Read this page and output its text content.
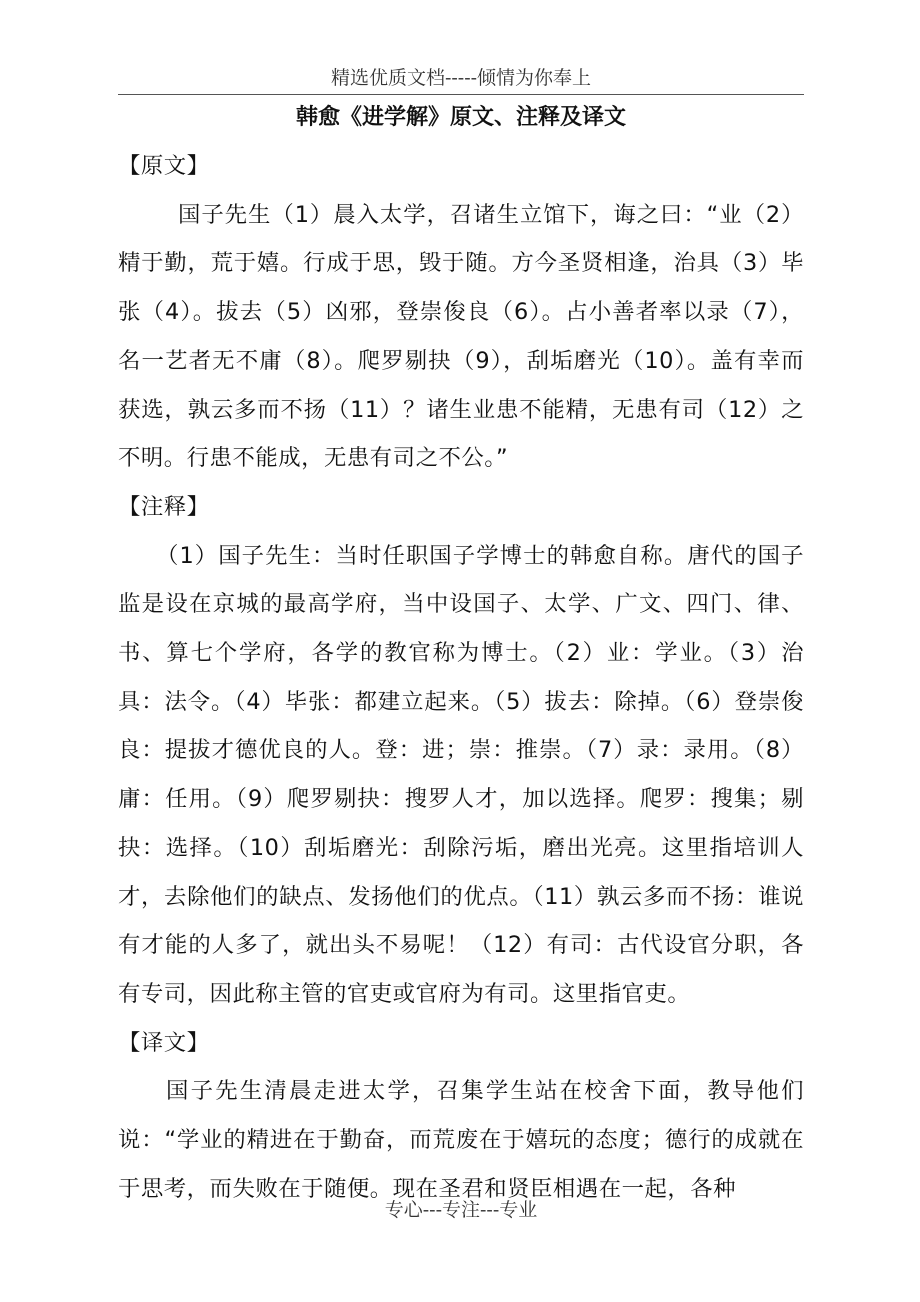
精选优质文档-----倾情为你奉上
韩愈《进学解》原文、注释及译文
【原文】

国子先生（1）晨入太学，召诸生立馆下，诲之曰：“业（2）精于勤，荒于嬉。行成于思，毁于随。方今圣贤相逢，治具（3）毕张（4）。拔去（5）凶邪，登崇俊良（6）。占小善者率以录（7），名一艺者无不庸（8）。爬罗剔抉（9），刮垢磨光（10）。盖有幸而获选，孰云多而不扬（11）？诸生业患不能精，无患有司（12）之不明。行患不能成，无患有司之不公。”

【注释】

（1）国子先生：当时任职国子学博士的韩愈自称。唐代的国子监是设在京城的最高学府，当中设国子、太学、广文、四门、律、书、算七个学府，各学的教官称为博士。（2）业：学业。（3）治具：法令。（4）毕张：都建立起来。（5）拔去：除掉。（6）登崇俊良：提拔才德优良的人。登：进；崇：推崇。（7）录：录用。（8）庸：任用。（9）爬罗剔抉：搜罗人才，加以选择。爬罗：搜集；剔抉：选择。（10）刮垢磨光：刮除污垢，磨出光亮。这里指培训人才，去除他们的缺点、发扬他们的优点。（11）孰云多而不扬：谁说有才能的人多了，就出头不易呢！（12）有司：古代设官分职，各有专司，因此称主管的官吏或官府为有司。这里指官吏。

【译文】

国子先生清晨走进太学，召集学生站在校舍下面，教导他们说：“学业的精进在于勤奋，而荒废在于嬉玩的态度；德行的成就在于思考，而失败在于随便。现在圣君和贤臣相遇在一起，各种

专心---专注---专业
